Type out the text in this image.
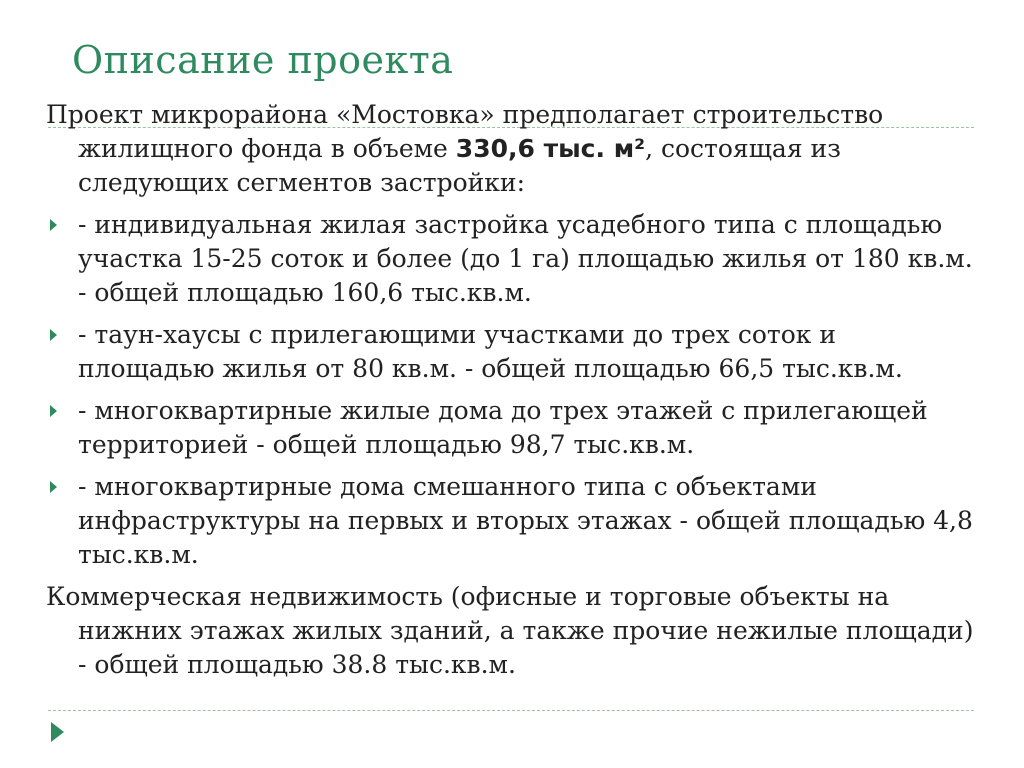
Описание проекта

Проект микрорайона «Мостовка» предполагает строительство жилищного фонда в объеме 330,6 тыс. м², состоящая из следующих сегментов застройки:

- индивидуальная жилая застройка усадебного типа с площадью участка 15-25 соток и более (до 1 га) площадью жилья от 180 кв.м. - общей площадью 160,6 тыс.кв.м.
- таун-хаусы с прилегающими участками до трех соток и площадью жилья от 80 кв.м. - общей площадью 66,5 тыс.кв.м.
- многоквартирные жилые дома до трех этажей с прилегающей территорией - общей площадью 98,7 тыс.кв.м.
- многоквартирные дома смешанного типа с объектами инфраструктуры на первых и вторых этажах - общей площадью 4,8 тыс.кв.м.

Коммерческая недвижимость (офисные и торговые объекты на нижних этажах жилых зданий, а также прочие нежилые площади) - общей площадью 38.8 тыс.кв.м.
